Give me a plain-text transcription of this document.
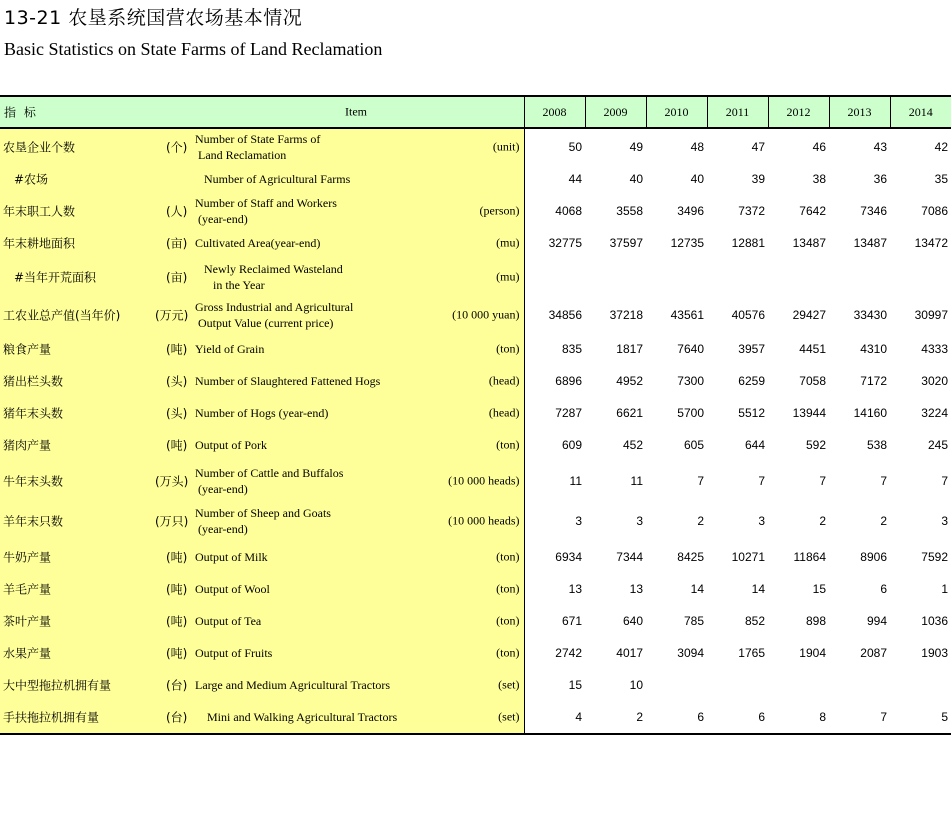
13-21 农垦系统国营农场基本情况
Basic Statistics on State Farms of Land Reclamation
指 标 Item	2008	2009	2010	2011	2012	2013	2014

农垦企业个数 (个)
Number of State Farms of
Land Reclamation
(unit)	50	49	48	47	46	43	42

#农场 Number of Agricultural Farms	44	40	40	39	38	36	35

年末职工人数 (人)
Number of Staff and Workers
(year-end)
(person)	4068	3558	3496	7372	7642	7346	7086

年末耕地面积 (亩) Cultivated Area(year-end) (mu)	32775	37597	12735	12881	13487	13487	13472

#当年开荒面积 (亩)
Newly Reclaimed Wasteland
in the Year
(mu)							

工农业总产值(当年价) (万元)
Gross Industrial and Agricultural
Output Value (current price)
(10 000 yuan)	34856	37218	43561	40576	29427	33430	30997

粮食产量 (吨) Yield of Grain (ton)	835	1817	7640	3957	4451	4310	4333

猪出栏头数 (头) Number of Slaughtered Fattened Hogs (head)	6896	4952	7300	6259	7058	7172	3020

猪年末头数 (头) Number of Hogs (year-end) (head)	7287	6621	5700	5512	13944	14160	3224

猪肉产量 (吨) Output of Pork (ton)	609	452	605	644	592	538	245

牛年末头数 (万头)
Number of Cattle and Buffalos
(year-end)
(10 000 heads)	11	11	7	7	7	7	7

羊年末只数 (万只)
Number of Sheep and Goats
(year-end)
(10 000 heads)	3	3	2	3	2	2	3

牛奶产量 (吨) Output of Milk (ton)	6934	7344	8425	10271	11864	8906	7592

羊毛产量 (吨) Output of Wool (ton)	13	13	14	14	15	6	1

茶叶产量 (吨) Output of Tea (ton)	671	640	785	852	898	994	1036

水果产量 (吨) Output of Fruits (ton)	2742	4017	3094	1765	1904	2087	1903

大中型拖拉机拥有量 (台) Large and Medium Agricultural Tractors (set)	15	10					

手扶拖拉机拥有量 (台) Mini and Walking Agricultural Tractors (set)	4	2	6	6	8	7	5
